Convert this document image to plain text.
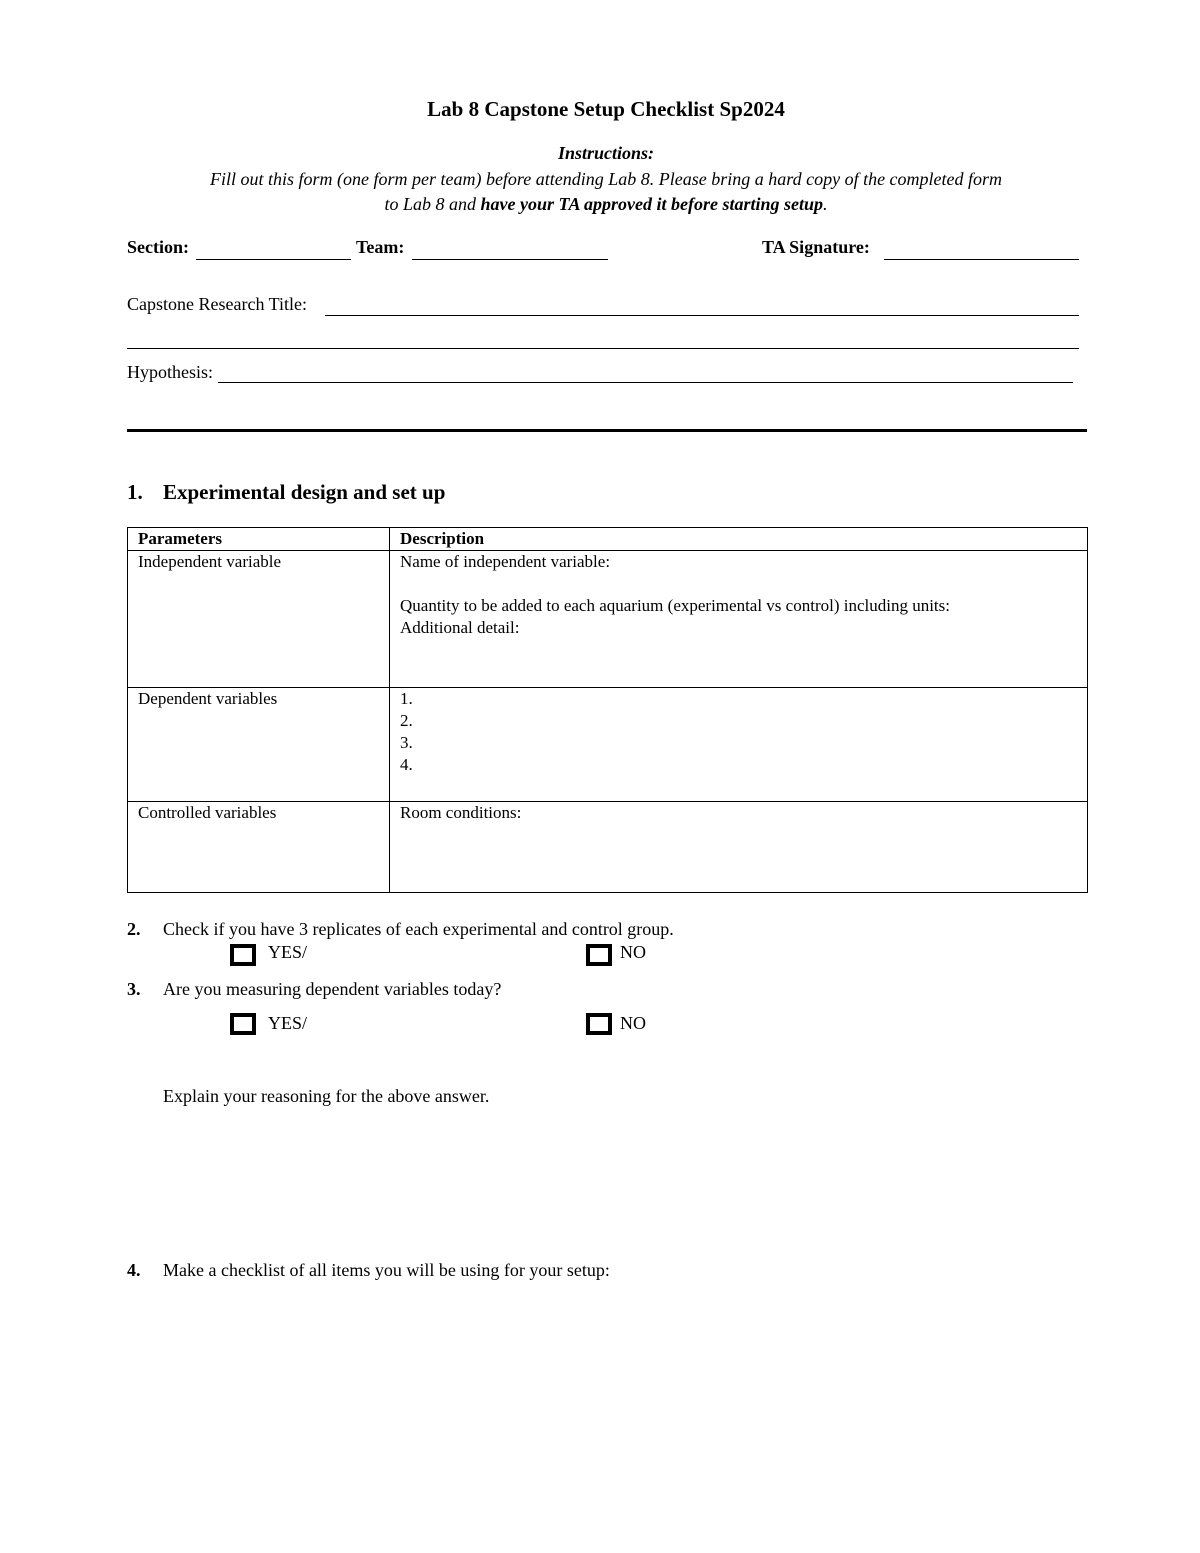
Lab 8 Capstone Setup Checklist Sp2024
Instructions:
Fill out this form (one form per team) before attending Lab 8. Please bring a hard copy of the completed form
to Lab 8 and have your TA approved it before starting setup.
Section:	Team:	TA Signature:
Capstone Research Title:
Hypothesis:
1. Experimental design and set up
Parameters	Description
Independent variable	Name of independent variable:
Quantity to be added to each aquarium (experimental vs control) including units:
Additional detail:

Dependent variables	1.
2.
3.
4.

Controlled variables	Room conditions:
2. Check if you have 3 replicates of each experimental and control group.
YES/	NO
3. Are you measuring dependent variables today?
YES/	NO
Explain your reasoning for the above answer.
4. Make a checklist of all items you will be using for your setup:
